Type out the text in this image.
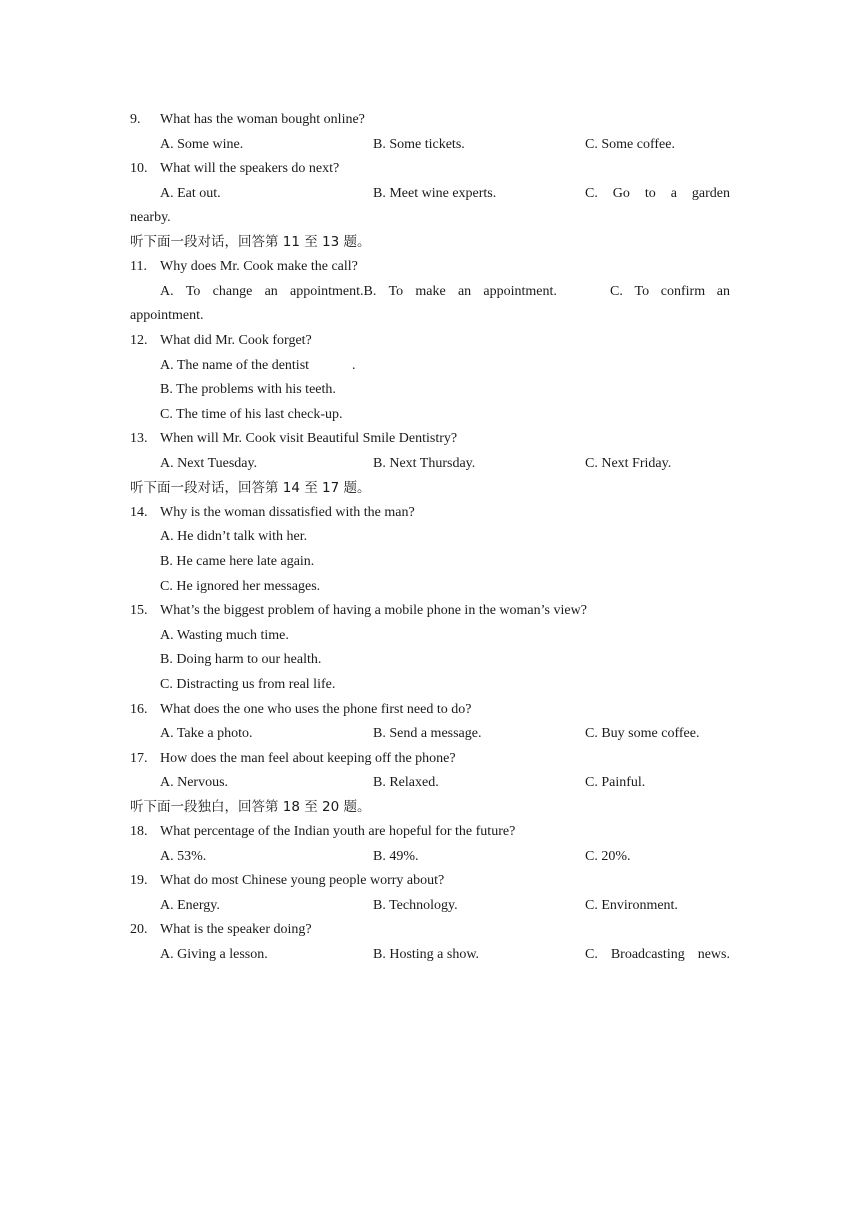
9. What has the woman bought online?
A. Some wine.	B. Some tickets.	C. Some coffee.
10. What will the speakers do next?
A. Eat out.	B. Meet wine experts.	C. Go to a garden
nearby.
听下面一段对话，回答第 11 至 13 题。
11. Why does Mr. Cook make the call?
A. To change an appointment.B. To make an appointment.	C. To confirm an
appointment.
12. What did Mr. Cook forget?
A. The name of the dentist	.
B. The problems with his teeth.
C. The time of his last check-up.
13. When will Mr. Cook visit Beautiful Smile Dentistry?
A. Next Tuesday.	B. Next Thursday.	C. Next Friday.
听下面一段对话，回答第 14 至 17 题。
14. Why is the woman dissatisfied with the man?
A. He didn’t talk with her.
B. He came here late again.
C. He ignored her messages.
15. What’s the biggest problem of having a mobile phone in the woman’s view?
A. Wasting much time.
B. Doing harm to our health.
C. Distracting us from real life.
16. What does the one who uses the phone first need to do?
A. Take a photo.	B. Send a message.	C. Buy some coffee.
17. How does the man feel about keeping off the phone?
A. Nervous.	B. Relaxed.	C. Painful.
听下面一段独白，回答第 18 至 20 题。
18. What percentage of the Indian youth are hopeful for the future?
A. 53%.	B. 49%.	C. 20%.
19. What do most Chinese young people worry about?
A. Energy.	B. Technology.	C. Environment.
20. What is the speaker doing?
A. Giving a lesson.	B. Hosting a show.	C. Broadcasting news.
